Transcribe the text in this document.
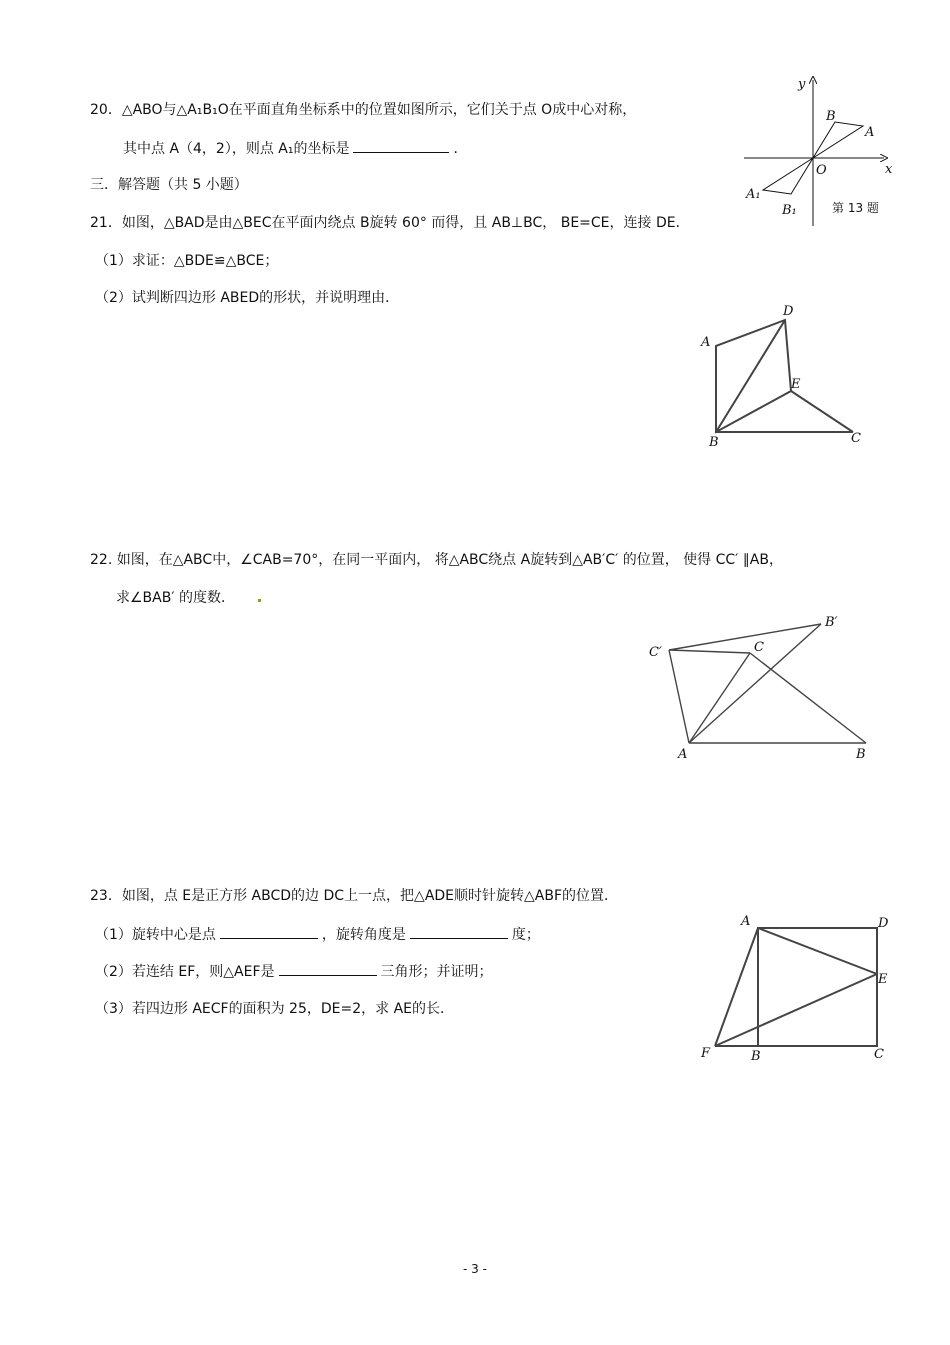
20．△ABO与△A₁B₁O在平面直角坐标系中的位置如图所示，它们关于点 O成中心对称，
其中点 A（4，2），则点 A₁的坐标是	．
y
x
O
B
A
A₁
B₁	第 13 题
三．解答题（共 5 小题）
21．如图，△BAD是由△BEC在平面内绕点 B旋转 60° 而得，且 AB⊥BC， BE=CE，连接 DE．
（1）求证：△BDE≌△BCE；
（2）试判断四边形 ABED的形状，并说明理由．
A
D
E
B	C
22. 如图，在△ABC中，∠CAB=70°，在同一平面内， 将△ABC绕点 A旋转到△AB′C′ 的位置， 使得 CC′ ∥AB，
求∠BAB′ 的度数．
C′	C
B′
A	B
23．如图，点 E是正方形 ABCD的边 DC上一点，把△ADE顺时针旋转△ABF的位置．
（1）旋转中心是点	，旋转角度是	度；
（2）若连结 EF，则△AEF是	三角形；并证明；
（3）若四边形 AECF的面积为 25，DE=2，求 AE的长．
A	D
E
F	B	C
- 3 -
